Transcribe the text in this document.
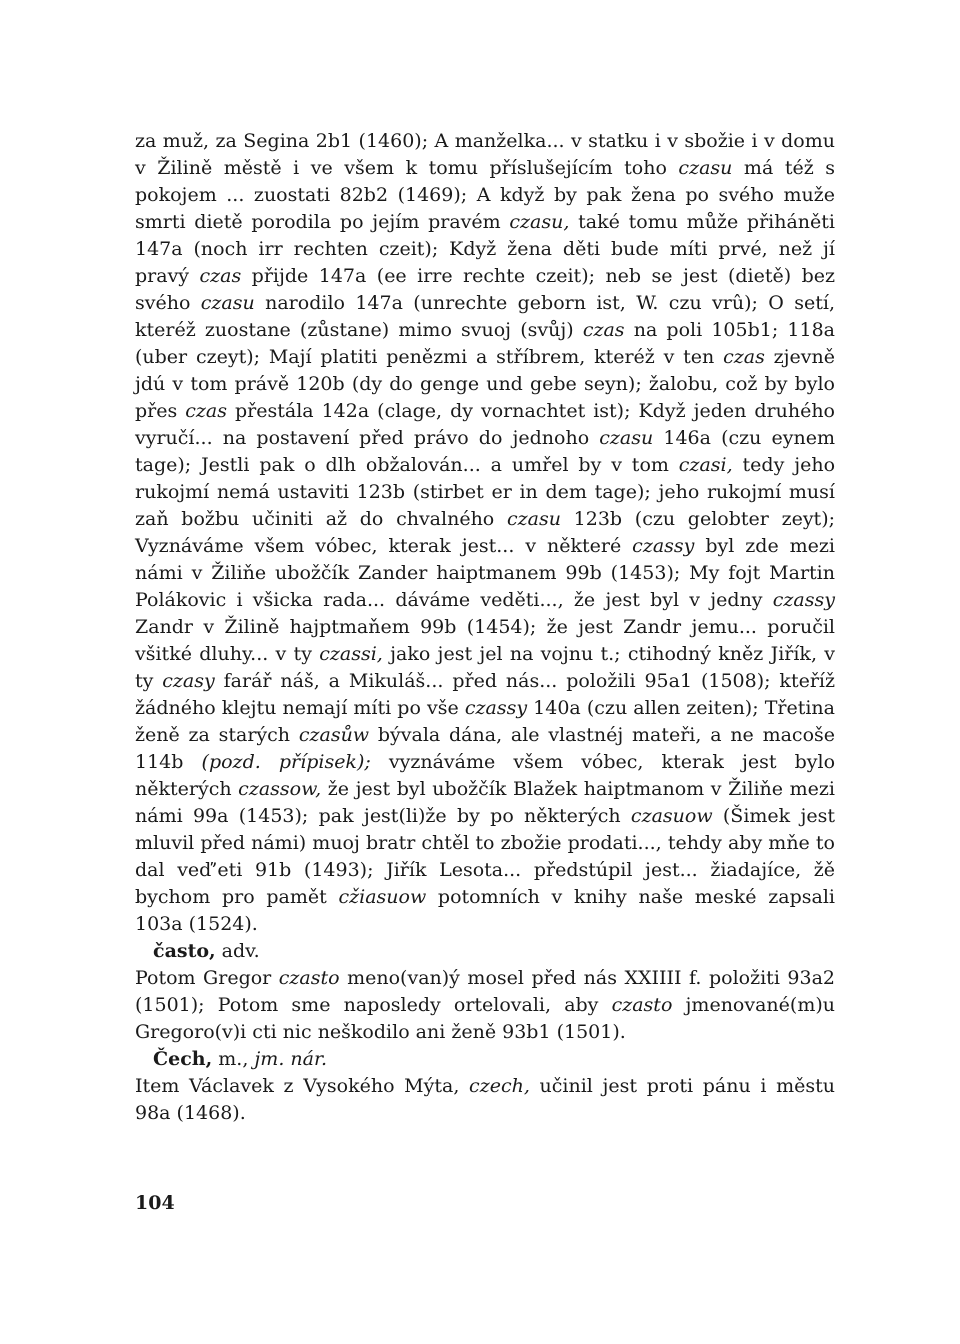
za muž, za Segina 2b1 (1460); A manželka... v statku i v sbožie i v domu v Žilině městě i ve všem k tomu příslušejícím toho czasu má též s pokojem ... zuostati 82b2 (1469); A když by pak žena po svého muže smrti dietě porodila po jejím pravém czasu, také tomu může přiháněti 147a (noch irr rechten czeit); Když žena děti bude míti prvé, než jí pravý czas přijde 147a (ee irre rechte czeit); neb se jest (dietě) bez svého czasu narodilo 147a (unrechte geborn ist, W. czu vrû); O setí, kteréž zuostane (zůstane) mimo svuoj (svůj) czas na poli 105b1; 118a (uber czeyt); Mají platiti penězmi a stříbrem, kteréž v ten czas zjevně jdú v tom právě 120b (dy do genge und gebe seyn); žalobu, což by bylo přes czas přestála 142a (clage, dy vornachtet ist); Když jeden druhého vyručí... na postavení před právo do jednoho czasu 146a (czu eynem tage); Jestli pak o dlh obžalován... a umřel by v tom czasi, tedy jeho rukojmí nemá ustaviti 123b (stirbet er in dem tage); jeho rukojmí musí zaň božbu učiniti až do chvalného czasu 123b (czu gelobter zeyt); Vyznáváme všem vóbec, kterak jest... v některé czassy byl zde mezi námi v Žiliňe ubožčík Zander haiptmanem 99b (1453); My fojt Martin Polákovic i všicka rada... dáváme veděti..., že jest byl v jedny czassy Zandr v Žilině hajptmaňem 99b (1454); že jest Zandr jemu... poručil všitké dluhy... v ty czassi, jako jest jel na vojnu t.; ctihodný kněz Jiřík, v ty czasy farář náš, a Mikuláš... před nás... položili 95a1 (1508); kteříž žádného klejtu nemají míti po vše czassy 140a (czu allen zeiten); Třetina ženě za starých czasůw bývala dána, ale vlastnéj mateři, a ne macoše 114b (pozd. přípisek); vyznáváme všem vóbec, kterak jest bylo některých czassow, že jest byl ubožčík Blažek haiptmanom v Žiliňe mezi námi 99a (1453); pak jest(li)že by po některých czasuow (Šimek jest mluvil před námi) muoj bratr chtěl to zbožie prodati..., tehdy aby mňe to dal veď’eti 91b (1493); Jiřík Lesota... předstúpil jest... žiadajíce, žě bychom pro pamět cžiasuow potomních v knihy naše meské zapsali 103a (1524).

často, adv.

Potom Gregor czasto meno(van)ý mosel před nás XXIIII f. položiti 93a2 (1501); Potom sme naposledy ortelovali, aby czasto jmenované(m)u Gregoro(v)i cti nic neškodilo ani ženě 93b1 (1501).

Čech, m., jm. nár.

Item Václavek z Vysokého Mýta, czech, učinil jest proti pánu i městu 98a (1468).

104
